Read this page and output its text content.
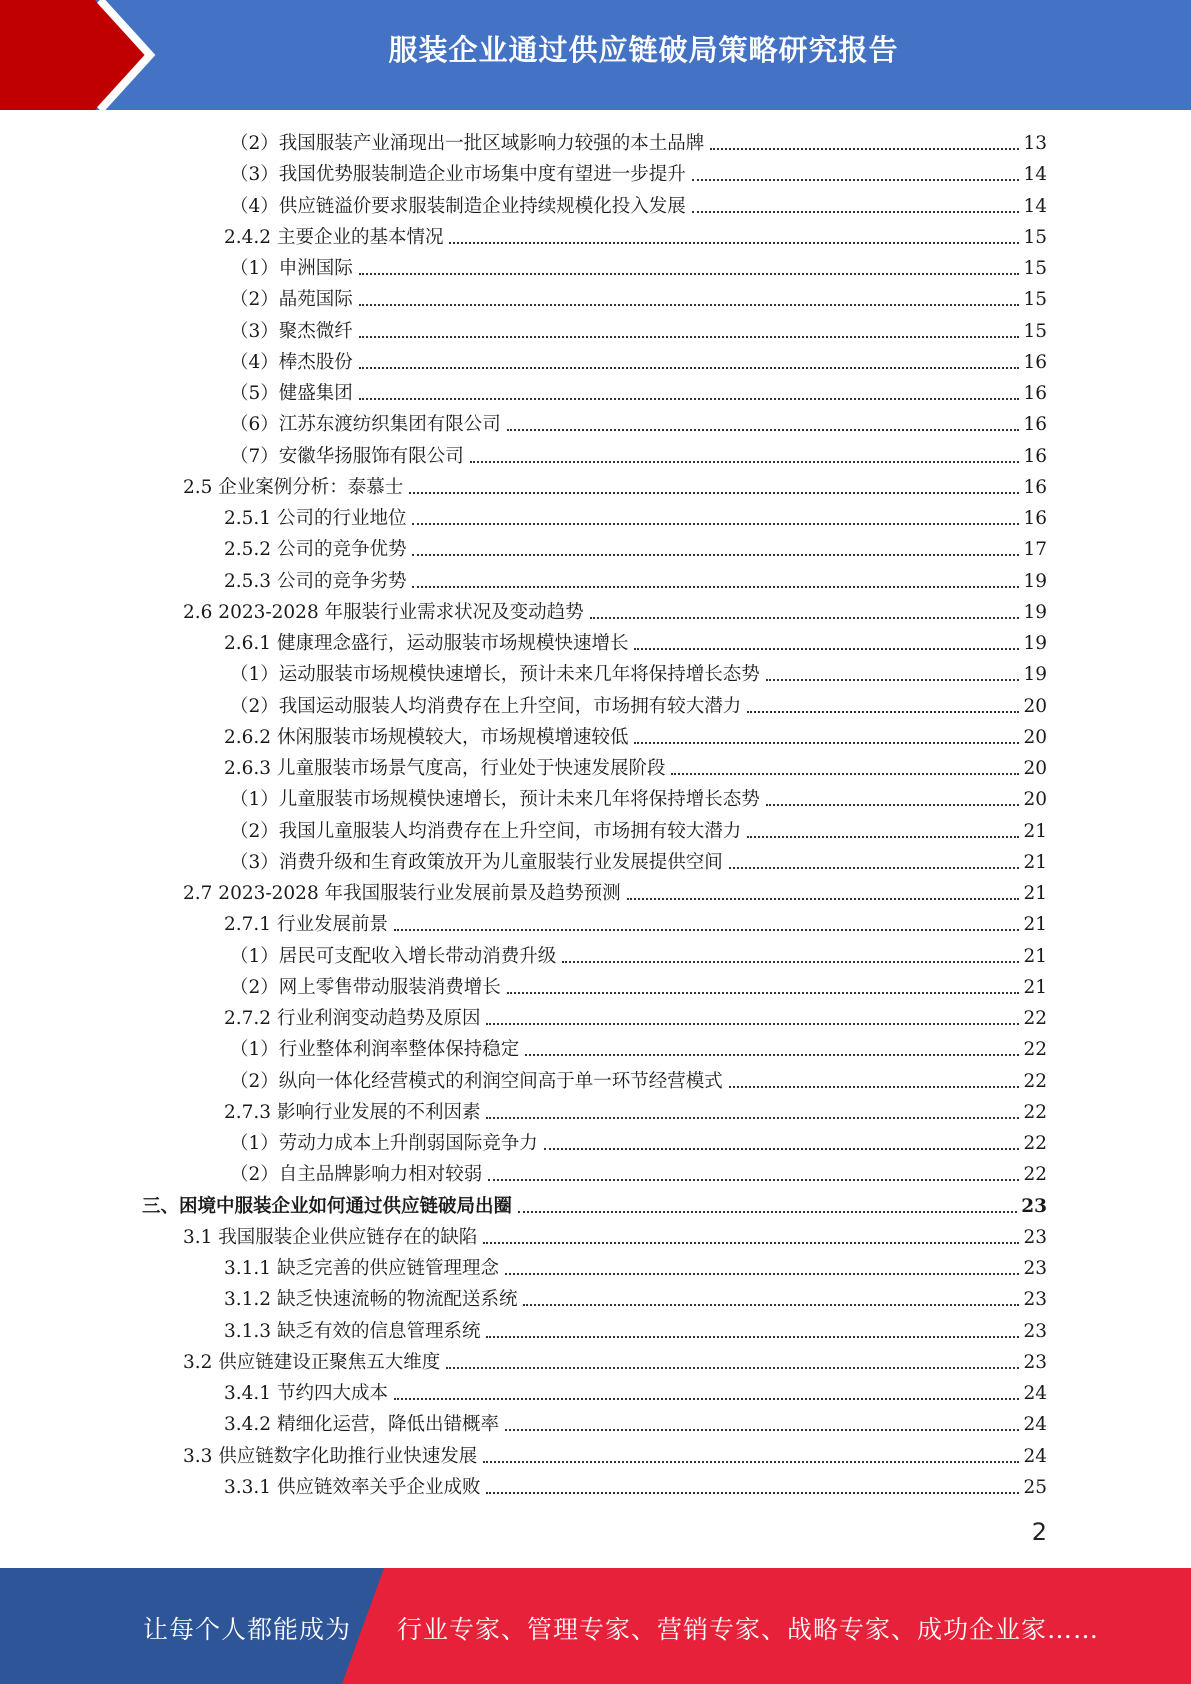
服装企业通过供应链破局策略研究报告
（2）我国服装产业涌现出一批区域影响力较强的本土品牌	13
（3）我国优势服装制造企业市场集中度有望进一步提升	14
（4）供应链溢价要求服装制造企业持续规模化投入发展	14
2.4.2 主要企业的基本情况	15
（1）申洲国际	15
（2）晶苑国际	15
（3）聚杰微纤	15
（4）棒杰股份	16
（5）健盛集团	16
（6）江苏东渡纺织集团有限公司	16
（7）安徽华扬服饰有限公司	16
2.5 企业案例分析：泰慕士	16
2.5.1 公司的行业地位	16
2.5.2 公司的竞争优势	17
2.5.3 公司的竞争劣势	19
2.6 2023-2028 年服装行业需求状况及变动趋势	19
2.6.1 健康理念盛行，运动服装市场规模快速增长	19
（1）运动服装市场规模快速增长，预计未来几年将保持增长态势	19
（2）我国运动服装人均消费存在上升空间，市场拥有较大潜力	20
2.6.2 休闲服装市场规模较大，市场规模增速较低	20
2.6.3 儿童服装市场景气度高，行业处于快速发展阶段	20
（1）儿童服装市场规模快速增长，预计未来几年将保持增长态势	20
（2）我国儿童服装人均消费存在上升空间，市场拥有较大潜力	21
（3）消费升级和生育政策放开为儿童服装行业发展提供空间	21
2.7 2023-2028 年我国服装行业发展前景及趋势预测	21
2.7.1 行业发展前景	21
（1）居民可支配收入增长带动消费升级	21
（2）网上零售带动服装消费增长	21
2.7.2 行业利润变动趋势及原因	22
（1）行业整体利润率整体保持稳定	22
（2）纵向一体化经营模式的利润空间高于单一环节经营模式	22
2.7.3 影响行业发展的不利因素	22
（1）劳动力成本上升削弱国际竞争力	22
（2）自主品牌影响力相对较弱	22
三、困境中服装企业如何通过供应链破局出圈	23
3.1 我国服装企业供应链存在的缺陷	23
3.1.1 缺乏完善的供应链管理理念	23
3.1.2 缺乏快速流畅的物流配送系统	23
3.1.3 缺乏有效的信息管理系统	23
3.2 供应链建设正聚焦五大维度	23
3.4.1 节约四大成本	24
3.4.2 精细化运营，降低出错概率	24
3.3 供应链数字化助推行业快速发展	24
3.3.1 供应链效率关乎企业成败	25
2
让每个人都能成为 行业专家、管理专家、营销专家、战略专家、成功企业家……
